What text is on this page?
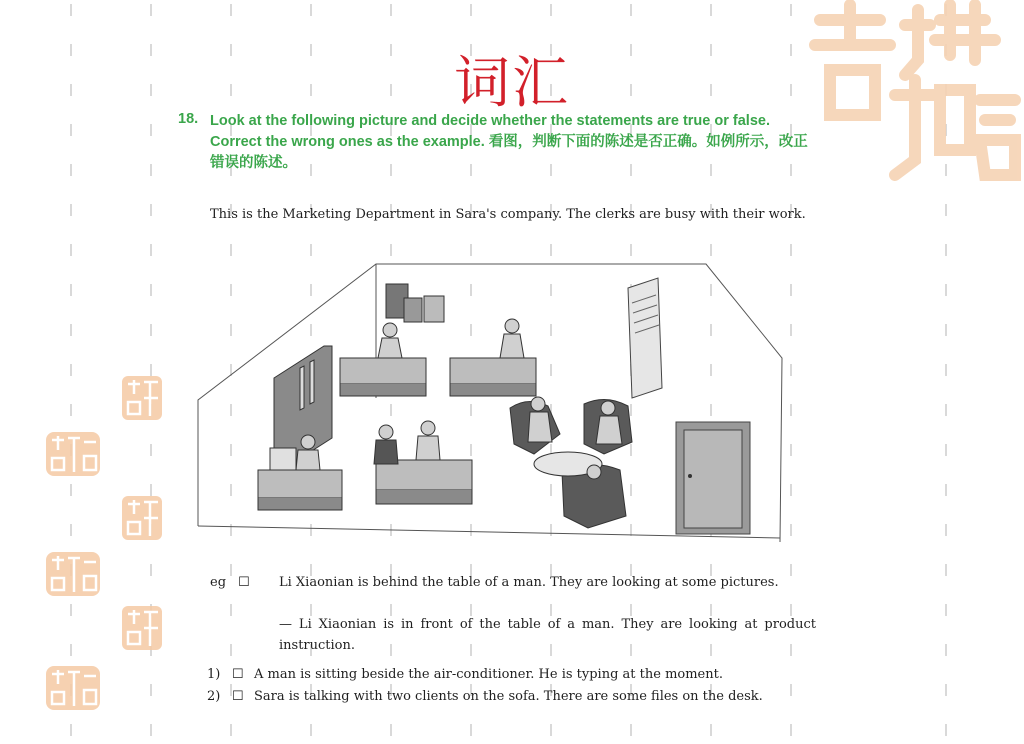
词汇
18. Look at the following picture and decide whether the statements are true or false. Correct the wrong ones as the example. 看图，判断下面的陈述是否正确。如例所示，改正错误的陈述。
This is the Marketing Department in Sara's company. The clerks are busy with their work.
eg ☐ Li Xiaonian is behind the table of a man. They are looking at some pictures.
— Li Xiaonian is in front of the table of a man. They are looking at product instruction.
1) ☐ A man is sitting beside the air-conditioner. He is typing at the moment.
2) ☐ Sara is talking with two clients on the sofa. There are some files on the desk.
